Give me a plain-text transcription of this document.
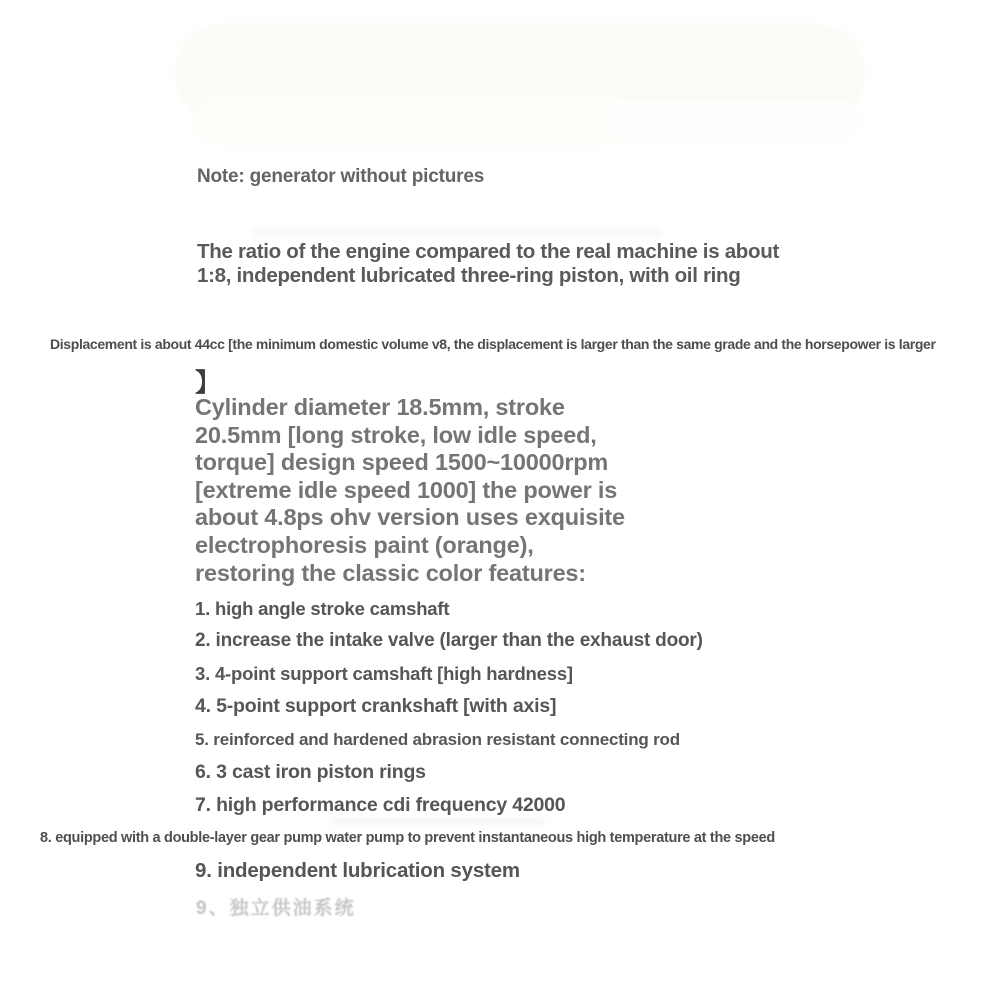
Note: generator without pictures
The ratio of the engine compared to the real machine is about
1:8, independent lubricated three-ring piston, with oil ring
Displacement is about 44cc [the minimum domestic volume v8, the displacement is larger than the same grade and the horsepower is larger
】
Cylinder diameter 18.5mm, stroke
20.5mm [long stroke, low idle speed,
torque] design speed 1500~10000rpm
[extreme idle speed 1000] the power is
about 4.8ps ohv version uses exquisite
electrophoresis paint (orange),
restoring the classic color features:
1. high angle stroke camshaft
2. increase the intake valve (larger than the exhaust door)
3. 4-point support camshaft [high hardness]
4. 5-point support crankshaft [with axis]
5. reinforced and hardened abrasion resistant connecting rod
6. 3 cast iron piston rings
7. high performance cdi frequency 42000
8. equipped with a double-layer gear pump water pump to prevent instantaneous high temperature at the speed
9. independent lubrication system
9、独立供油系统
